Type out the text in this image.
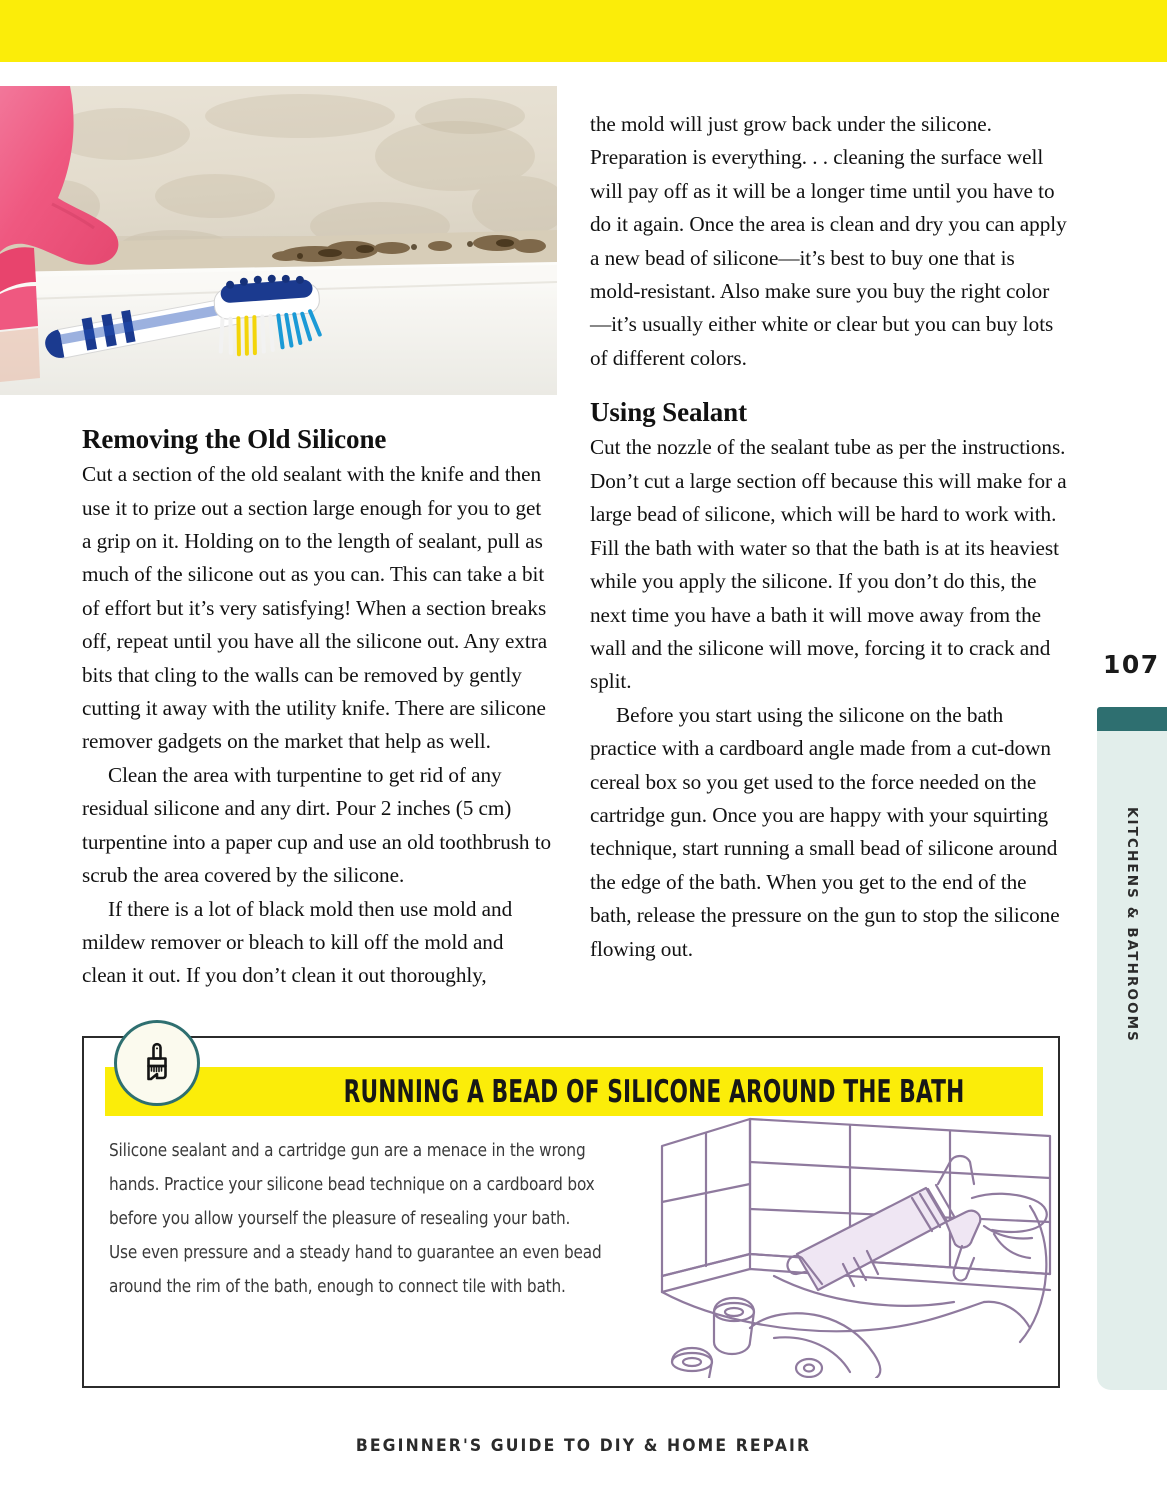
Removing the Old Silicone

Cut a section of the old sealant with the knife and then use it to prize out a section large enough for you to get a grip on it. Holding on to the length of sealant, pull as much of the silicone out as you can. This can take a bit of effort but it’s very satisfying! When a section breaks off, repeat until you have all the silicone out. Any extra bits that cling to the walls can be removed by gently cutting it away with the utility knife. There are silicone remover gadgets on the market that help as well.

Clean the area with turpentine to get rid of any residual silicone and any dirt. Pour 2 inches (5 cm) turpentine into a paper cup and use an old toothbrush to scrub the area covered by the silicone.

If there is a lot of black mold then use mold and mildew remover or bleach to kill off the mold and clean it out. If you don’t clean it out thoroughly,

the mold will just grow back under the silicone. Preparation is everything. . . cleaning the surface well will pay off as it will be a longer time until you have to do it again. Once the area is clean and dry you can apply a new bead of silicone—it’s best to buy one that is mold-resistant. Also make sure you buy the right color—it’s usually either white or clear but you can buy lots of different colors.

Using Sealant

Cut the nozzle of the sealant tube as per the instructions. Don’t cut a large section off because this will make for a large bead of silicone, which will be hard to work with. Fill the bath with water so that the bath is at its heaviest while you apply the silicone. If you don’t do this, the next time you have a bath it will move away from the wall and the silicone will move, forcing it to crack and split.

Before you start using the silicone on the bath practice with a cardboard angle made from a cut-down cereal box so you get used to the force needed on the cartridge gun. Once you are happy with your squirting technique, start running a small bead of silicone around the edge of the bath. When you get to the end of the bath, release the pressure on the gun to stop the silicone flowing out.

107
KITCHENS & BATHROOMS
RUNNING A BEAD OF SILICONE AROUND THE BATH
Silicone sealant and a cartridge gun are a menace in the wrong hands. Practice your silicone bead technique on a cardboard box before you allow yourself the pleasure of resealing your bath. Use even pressure and a steady hand to guarantee an even bead around the rim of the bath, enough to connect tile with bath.
BEGINNER'S GUIDE TO DIY & HOME REPAIR
